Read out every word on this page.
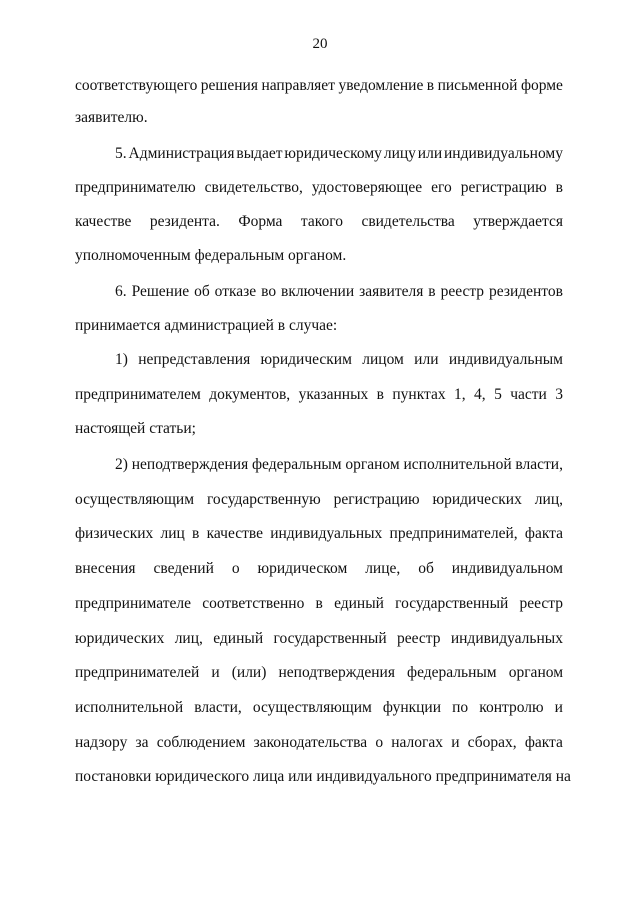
20
соответствующего решения направляет уведомление в письменной форме
заявителю.
5. Администрация выдает юридическому лицу или индивидуальному
предпринимателю свидетельство, удостоверяющее его регистрацию в
качестве резидента. Форма такого свидетельства утверждается
уполномоченным федеральным органом.
6. Решение об отказе во включении заявителя в реестр резидентов
принимается администрацией в случае:
1) непредставления юридическим лицом или индивидуальным
предпринимателем документов, указанных в пунктах 1, 4, 5 части 3
настоящей статьи;
2) неподтверждения федеральным органом исполнительной власти,
осуществляющим государственную регистрацию юридических лиц,
физических лиц в качестве индивидуальных предпринимателей, факта
внесения сведений о юридическом лице, об индивидуальном
предпринимателе соответственно в единый государственный реестр
юридических лиц, единый государственный реестр индивидуальных
предпринимателей и (или) неподтверждения федеральным органом
исполнительной власти, осуществляющим функции по контролю и
надзору за соблюдением законодательства о налогах и сборах, факта
постановки юридического лица или индивидуального предпринимателя на
